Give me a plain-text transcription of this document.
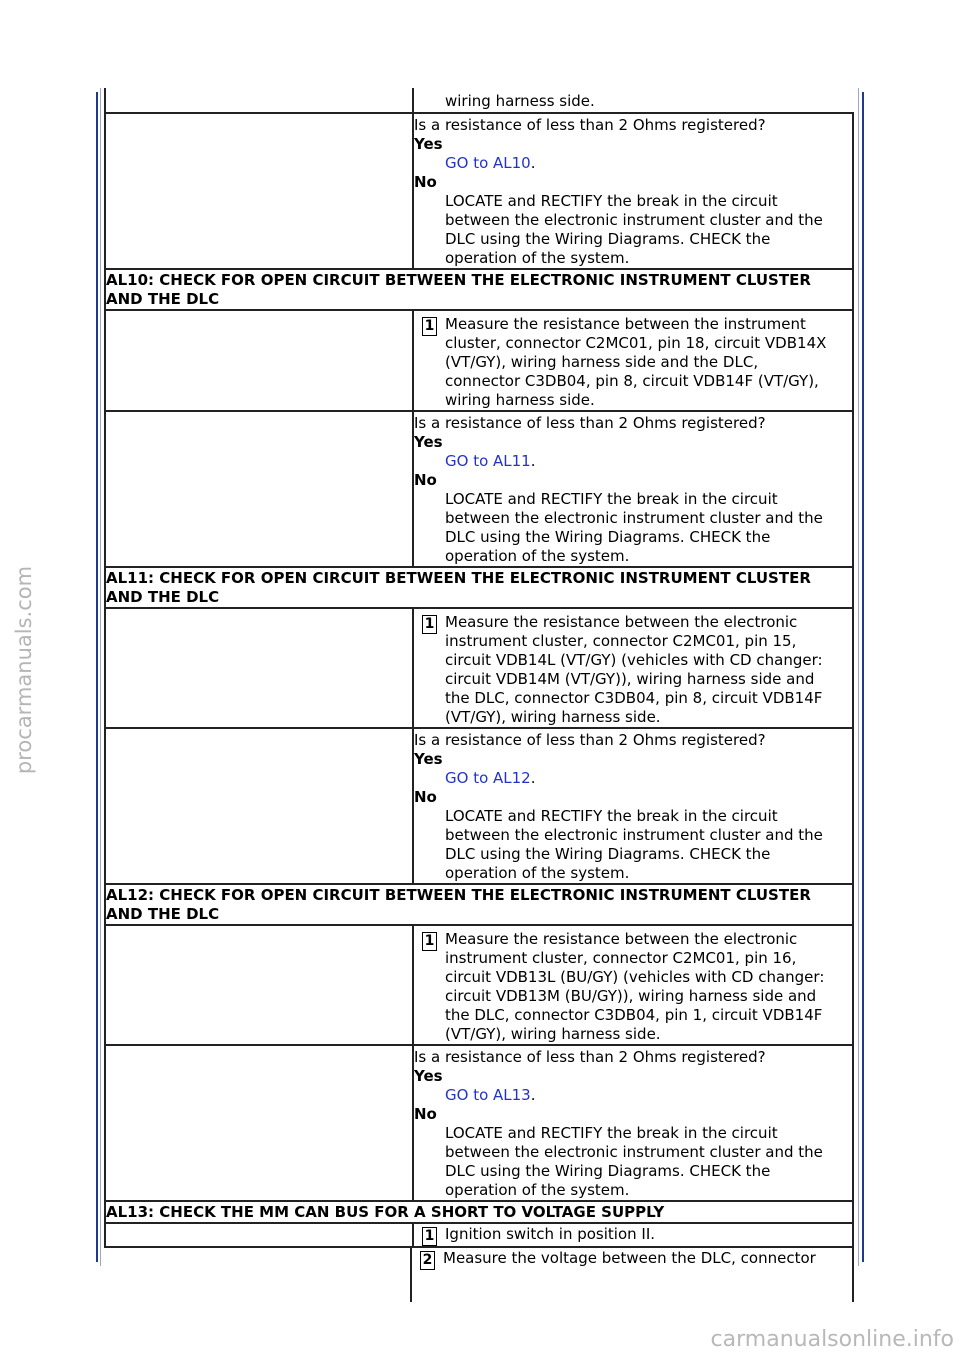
procarmanuals.com
carmanualsonline.info
wiring harness side.
Is a resistance of less than 2 Ohms registered?
Yes
GO to AL10.
No
LOCATE and RECTIFY the break in the circuit
between the electronic instrument cluster and the
DLC using the Wiring Diagrams. CHECK the
operation of the system.
AL10: CHECK FOR OPEN CIRCUIT BETWEEN THE ELECTRONIC INSTRUMENT CLUSTER
AND THE DLC
1 Measure the resistance between the instrument
cluster, connector C2MC01, pin 18, circuit VDB14X
(VT/GY), wiring harness side and the DLC,
connector C3DB04, pin 8, circuit VDB14F (VT/GY),
wiring harness side.
Is a resistance of less than 2 Ohms registered?
Yes
GO to AL11.
No
LOCATE and RECTIFY the break in the circuit
between the electronic instrument cluster and the
DLC using the Wiring Diagrams. CHECK the
operation of the system.
AL11: CHECK FOR OPEN CIRCUIT BETWEEN THE ELECTRONIC INSTRUMENT CLUSTER
AND THE DLC
1 Measure the resistance between the electronic
instrument cluster, connector C2MC01, pin 15,
circuit VDB14L (VT/GY) (vehicles with CD changer:
circuit VDB14M (VT/GY)), wiring harness side and
the DLC, connector C3DB04, pin 8, circuit VDB14F
(VT/GY), wiring harness side.
Is a resistance of less than 2 Ohms registered?
Yes
GO to AL12.
No
LOCATE and RECTIFY the break in the circuit
between the electronic instrument cluster and the
DLC using the Wiring Diagrams. CHECK the
operation of the system.
AL12: CHECK FOR OPEN CIRCUIT BETWEEN THE ELECTRONIC INSTRUMENT CLUSTER
AND THE DLC
1 Measure the resistance between the electronic
instrument cluster, connector C2MC01, pin 16,
circuit VDB13L (BU/GY) (vehicles with CD changer:
circuit VDB13M (BU/GY)), wiring harness side and
the DLC, connector C3DB04, pin 1, circuit VDB14F
(VT/GY), wiring harness side.
Is a resistance of less than 2 Ohms registered?
Yes
GO to AL13.
No
LOCATE and RECTIFY the break in the circuit
between the electronic instrument cluster and the
DLC using the Wiring Diagrams. CHECK the
operation of the system.
AL13: CHECK THE MM CAN BUS FOR A SHORT TO VOLTAGE SUPPLY
1 Ignition switch in position II.
2 Measure the voltage between the DLC, connector
